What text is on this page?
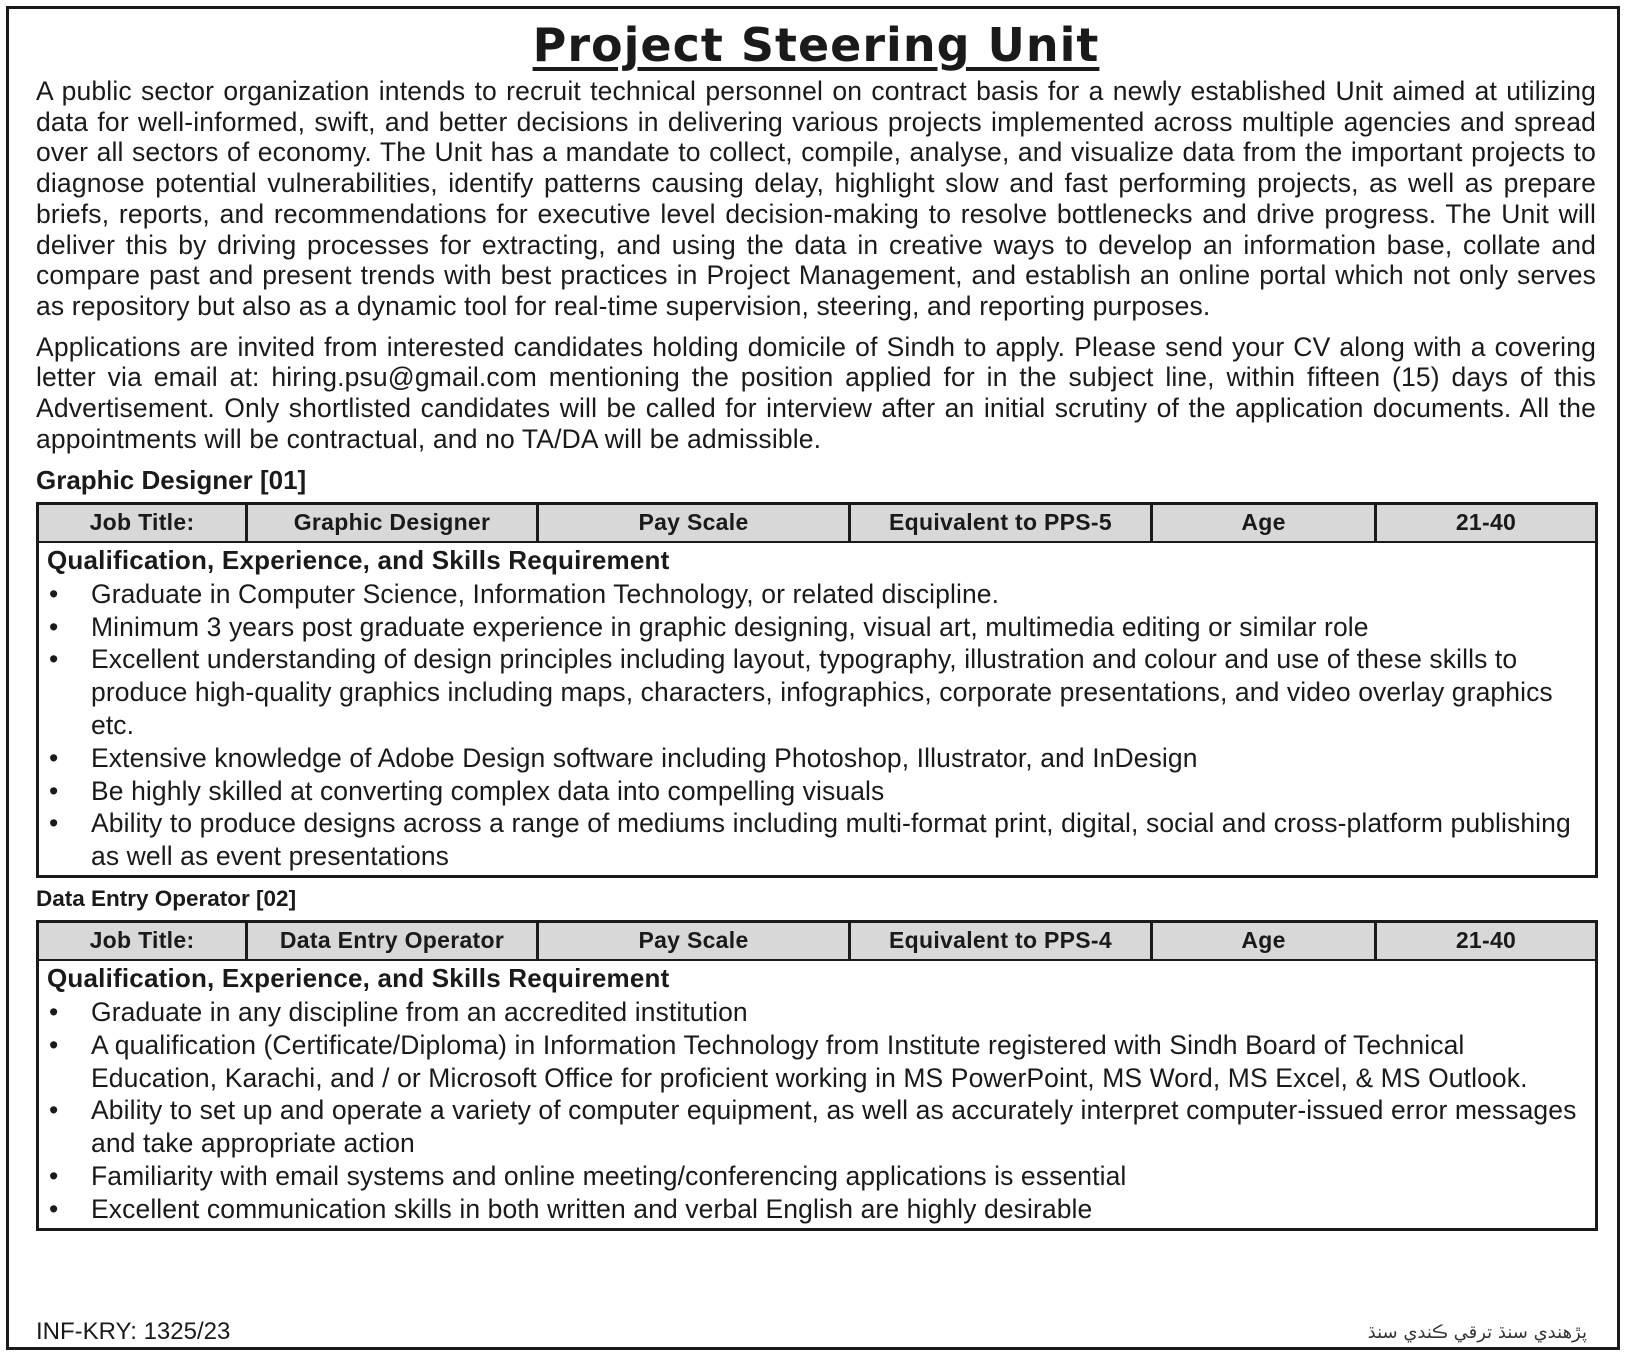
Project Steering Unit

A public sector organization intends to recruit technical personnel on contract basis for a newly established Unit aimed at utilizing data for well-informed, swift, and better decisions in delivering various projects implemented across multiple agencies and spread over all sectors of economy. The Unit has a mandate to collect, compile, analyse, and visualize data from the important projects to diagnose potential vulnerabilities, identify patterns causing delay, highlight slow and fast performing projects, as well as prepare briefs, reports, and recommendations for executive level decision-making to resolve bottlenecks and drive progress. The Unit will deliver this by driving processes for extracting, and using the data in creative ways to develop an information base, collate and compare past and present trends with best practices in Project Management, and establish an online portal which not only serves as repository but also as a dynamic tool for real-time supervision, steering, and reporting purposes.

Applications are invited from interested candidates holding domicile of Sindh to apply. Please send your CV along with a covering letter via email at: hiring.psu@gmail.com mentioning the position applied for in the subject line, within fifteen (15) days of this Advertisement. Only shortlisted candidates will be called for interview after an initial scrutiny of the application documents. All the appointments will be contractual, and no TA/DA will be admissible.

Graphic Designer [01]
Job Title:	Graphic Designer	Pay Scale	Equivalent to PPS-5	Age	21-40
Qualification, Experience, and Skills Requirement
• Graduate in Computer Science, Information Technology, or related discipline.
• Minimum 3 years post graduate experience in graphic designing, visual art, multimedia editing or similar role
• Excellent understanding of design principles including layout, typography, illustration and colour and use of these skills to produce high-quality graphics including maps, characters, infographics, corporate presentations, and video overlay graphics etc.
• Extensive knowledge of Adobe Design software including Photoshop, Illustrator, and InDesign
• Be highly skilled at converting complex data into compelling visuals
• Ability to produce designs across a range of mediums including multi-format print, digital, social and cross-platform publishing as well as event presentations
Data Entry Operator [02]
Job Title:	Data Entry Operator	Pay Scale	Equivalent to PPS-4	Age	21-40
Qualification, Experience, and Skills Requirement
• Graduate in any discipline from an accredited institution
• A qualification (Certificate/Diploma) in Information Technology from Institute registered with Sindh Board of Technical Education, Karachi, and / or Microsoft Office for proficient working in MS PowerPoint, MS Word, MS Excel, & MS Outlook.
• Ability to set up and operate a variety of computer equipment, as well as accurately interpret computer-issued error messages and take appropriate action
• Familiarity with email systems and online meeting/conferencing applications is essential
• Excellent communication skills in both written and verbal English are highly desirable
INF-KRY: 1325/23	پڙهندي سنڌ ترقي ڪندي سنڌ
